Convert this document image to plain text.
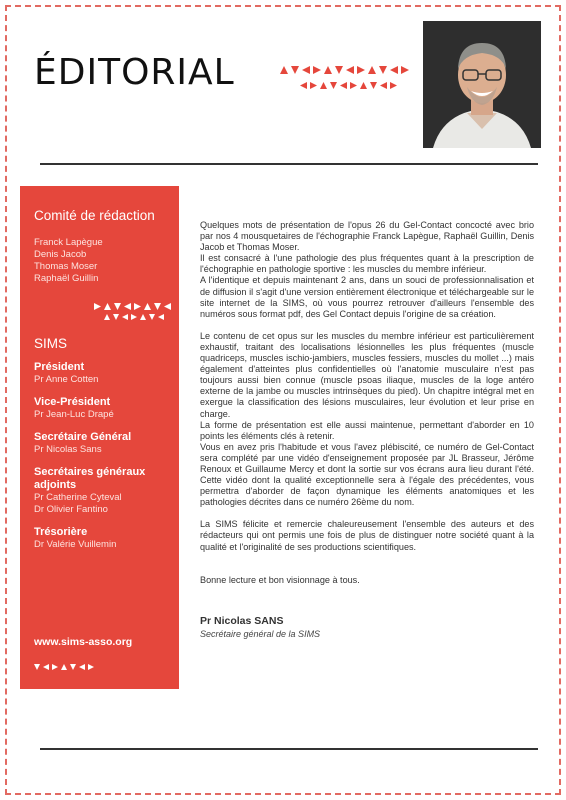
ÉDITORIAL
Comité de rédaction
Franck Lapègue
Denis Jacob
Thomas Moser
Raphaël Guillin
SIMS
Président
Pr Anne Cotten
Vice-Président
Pr Jean-Luc Drapé
Secrétaire Général
Pr Nicolas Sans
Secrétaires généraux adjoints
Pr Catherine Cyteval
Dr Olivier Fantino
Trésorière
Dr Valérie Vuillemin
www.sims-asso.org

Quelques mots de présentation de l'opus 26 du Gel-Contact concocté avec brio par nos 4 mousquetaires de l'échographie Franck Lapègue, Raphaël Guillin, Denis Jacob et Thomas Moser.

Il est consacré à l'une pathologie des plus fréquentes quant à la prescription de l'échographie en pathologie sportive : les muscles du membre inférieur.

A l'identique et depuis maintenant 2 ans, dans un souci de professionnalisation et de diffusion il s'agit d'une version entièrement électronique et téléchargeable sur le site internet de la SIMS, où vous pourrez retrouver d'ailleurs l'ensemble des numéros sous format pdf, des Gel Contact depuis l'origine de sa création.

Le contenu de cet opus sur les muscles du membre inférieur est particulièrement exhaustif, traitant des localisations lésionnelles les plus fréquentes (muscle quadriceps, muscles ischio-jambiers, muscles fessiers, muscles du mollet ...) mais également d'atteintes plus confidentielles où l'anatomie musculaire n'est pas toujours aussi bien connue (muscle psoas iliaque, muscles de la loge antéro externe de la jambe ou muscles intrinsèques du pied). Un chapitre intégral met en exergue la classification des lésions musculaires, leur évolution et leur prise en charge.

La forme de présentation est elle aussi maintenue, permettant d'aborder en 10 points les éléments clés à retenir.

Vous en avez pris l'habitude et vous l'avez plébiscité, ce numéro de Gel-Contact sera complété par une vidéo d'enseignement proposée par JL Brasseur, Jérôme Renoux et Guillaume Mercy et dont la sortie sur vos écrans aura lieu durant l'été. Cette vidéo dont la qualité exceptionnelle sera à l'égale des précédentes, vous permettra d'aborder de façon dynamique les éléments anatomiques et les pathologies décrites dans ce numéro 26ème du nom.

La SIMS félicite et remercie chaleureusement l'ensemble des auteurs et des rédacteurs qui ont permis une fois de plus de distinguer notre société quant à la qualité et l'originalité de ses productions scientifiques.

Bonne lecture et bon visionnage à tous.

Pr Nicolas SANS
Secrétaire général de la SIMS
